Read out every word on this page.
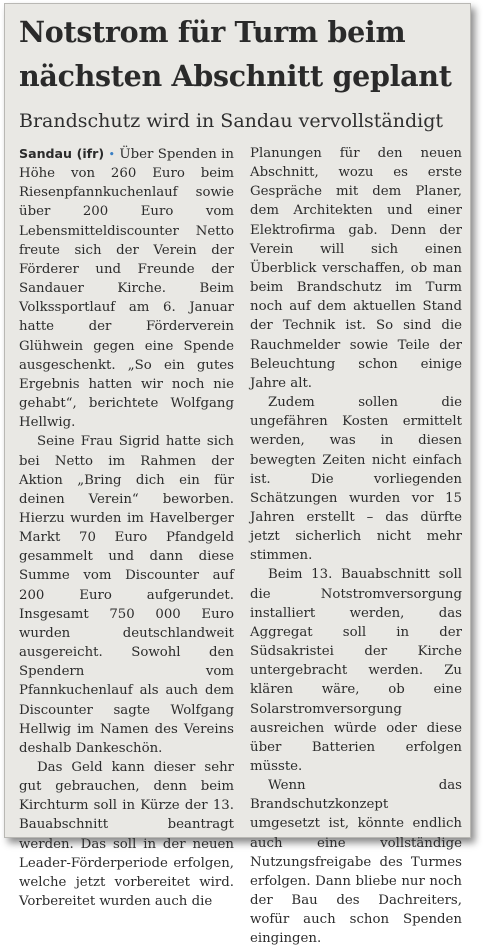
Notstrom für Turm beim nächsten Abschnitt geplant
Brandschutz wird in Sandau vervollständigt

Sandau (ifr) • Über Spenden in Höhe von 260 Euro beim Riesenpfannkuchenlauf sowie über 200 Euro vom Lebensmitteldiscounter Netto freute sich der Verein der Förderer und Freunde der Sandauer Kirche. Beim Volkssportlauf am 6. Januar hatte der Förderverein Glühwein gegen eine Spende ausgeschenkt. „So ein gutes Ergebnis hatten wir noch nie gehabt“, berichtete Wolfgang Hellwig.

Seine Frau Sigrid hatte sich bei Netto im Rahmen der Aktion „Bring dich ein für deinen Verein“ beworben. Hierzu wurden im Havelberger Markt 70 Euro Pfandgeld gesammelt und dann diese Summe vom Discounter auf 200 Euro aufgerundet. Insgesamt 750 000 Euro wurden deutschlandweit ausgereicht. Sowohl den Spendern vom Pfannkuchenlauf als auch dem Discounter sagte Wolfgang Hellwig im Namen des Vereins deshalb Dankeschön.

Das Geld kann dieser sehr gut gebrauchen, denn beim Kirchturm soll in Kürze der 13. Bauabschnitt beantragt werden. Das soll in der neuen Leader-Förderperiode erfolgen, welche jetzt vorbereitet wird. Vorbereitet wurden auch die

Planungen für den neuen Abschnitt, wozu es erste Gespräche mit dem Planer, dem Architekten und einer Elektrofirma gab. Denn der Verein will sich einen Überblick verschaffen, ob man beim Brandschutz im Turm noch auf dem aktuellen Stand der Technik ist. So sind die Rauchmelder sowie Teile der Beleuchtung schon einige Jahre alt.

Zudem sollen die ungefähren Kosten ermittelt werden, was in diesen bewegten Zeiten nicht einfach ist. Die vorliegenden Schätzungen wurden vor 15 Jahren erstellt – das dürfte jetzt sicherlich nicht mehr stimmen.

Beim 13. Bauabschnitt soll die Notstromversorgung installiert werden, das Aggregat soll in der Südsakristei der Kirche untergebracht werden. Zu klären wäre, ob eine Solarstromversorgung ausreichen würde oder diese über Batterien erfolgen müsste.

Wenn das Brandschutzkonzept umgesetzt ist, könnte endlich auch eine vollständige Nutzungsfreigabe des Turmes erfolgen. Dann bliebe nur noch der Bau des Dachreiters, wofür auch schon Spenden eingingen.
